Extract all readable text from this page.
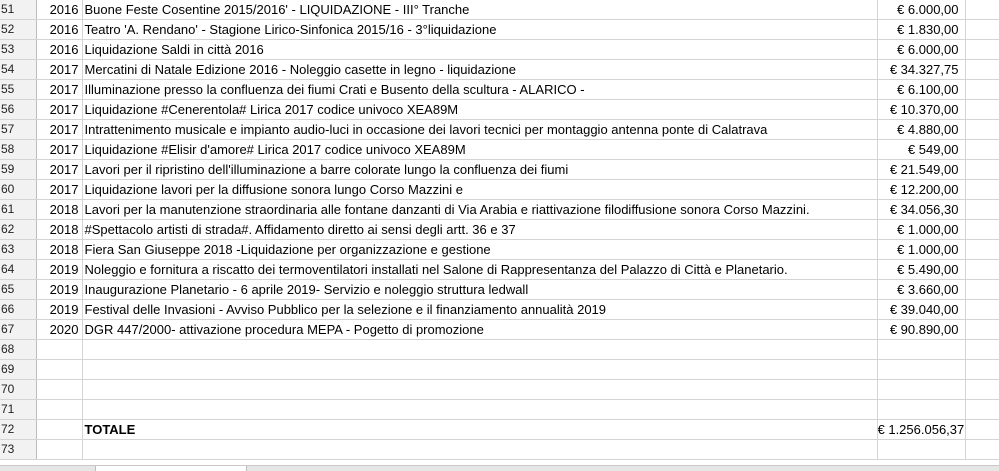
51	2016	Buone Feste Cosentine 2015/2016' - LIQUIDAZIONE - III° Tranche	€ 6.000,00	
52	2016	Teatro 'A. Rendano' - Stagione Lirico-Sinfonica 2015/16 - 3°liquidazione	€ 1.830,00	
53	2016	Liquidazione Saldi in città 2016	€ 6.000,00	
54	2017	Mercatini di Natale Edizione 2016 - Noleggio casette in legno - liquidazione	€ 34.327,75	
55	2017	Illuminazione presso la confluenza dei fiumi Crati e Busento della scultura - ALARICO -	€ 6.100,00	
56	2017	Liquidazione #Cenerentola# Lirica 2017 codice univoco XEA89M	€ 10.370,00	
57	2017	Intrattenimento musicale e impianto audio-luci in occasione dei lavori tecnici per montaggio antenna ponte di Calatrava	€ 4.880,00	
58	2017	Liquidazione #Elisir d'amore# Lirica 2017 codice univoco XEA89M	€ 549,00	
59	2017	Lavori per il ripristino dell'illuminazione a barre colorate lungo la confluenza dei fiumi	€ 21.549,00	
60	2017	Liquidazione lavori per la diffusione sonora lungo Corso Mazzini e	€ 12.200,00	
61	2018	Lavori per la manutenzione straordinaria alle fontane danzanti di Via Arabia e riattivazione filodiffusione sonora Corso Mazzini.	€ 34.056,30	
62	2018	#Spettacolo artisti di strada#. Affidamento diretto ai sensi degli artt. 36 e 37	€ 1.000,00	
63	2018	Fiera San Giuseppe 2018 -Liquidazione per organizzazione e gestione	€ 1.000,00	
64	2019	Noleggio e fornitura a riscatto dei termoventilatori installati nel Salone di Rappresentanza del Palazzo di Città e Planetario.	€ 5.490,00	
65	2019	Inaugurazione Planetario - 6 aprile 2019- Servizio e noleggio struttura ledwall	€ 3.660,00	
66	2019	Festival delle Invasioni - Avviso Pubblico per la selezione e il finanziamento annualità 2019	€ 39.040,00	
67	2020	DGR 447/2000- attivazione procedura MEPA - Pogetto di promozione	€ 90.890,00	
68				
69				
70				
71				
72		TOTALE	€ 1.256.056,37	
73				
